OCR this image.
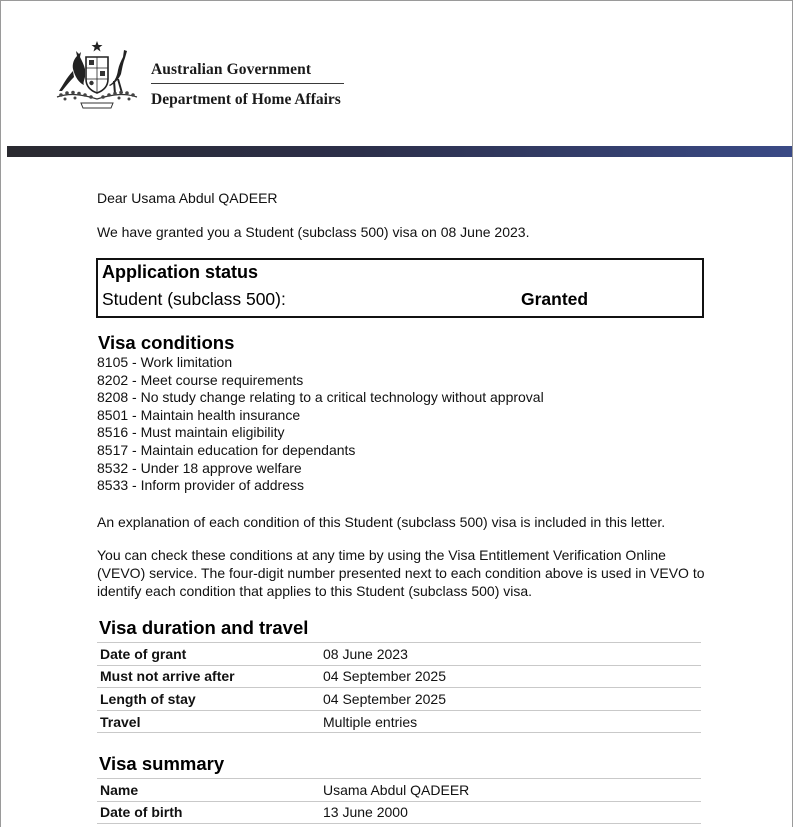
Australian Government
Department of Home Affairs
Dear Usama Abdul QADEER
We have granted you a Student (subclass 500) visa on 08 June 2023.
Application status
Student (subclass 500):	Granted
Visa conditions
8105 - Work limitation
8202 - Meet course requirements
8208 - No study change relating to a critical technology without approval
8501 - Maintain health insurance
8516 - Must maintain eligibility
8517 - Maintain education for dependants
8532 - Under 18 approve welfare
8533 - Inform provider of address
An explanation of each condition of this Student (subclass 500) visa is included in this letter.
You can check these conditions at any time by using the Visa Entitlement Verification Online (VEVO) service. The four-digit number presented next to each condition above is used in VEVO to identify each condition that applies to this Student (subclass 500) visa.
Visa duration and travel
Date of grant	08 June 2023
Must not arrive after	04 September 2025
Length of stay	04 September 2025
Travel	Multiple entries
Visa summary
Name	Usama Abdul QADEER
Date of birth	13 June 2000
